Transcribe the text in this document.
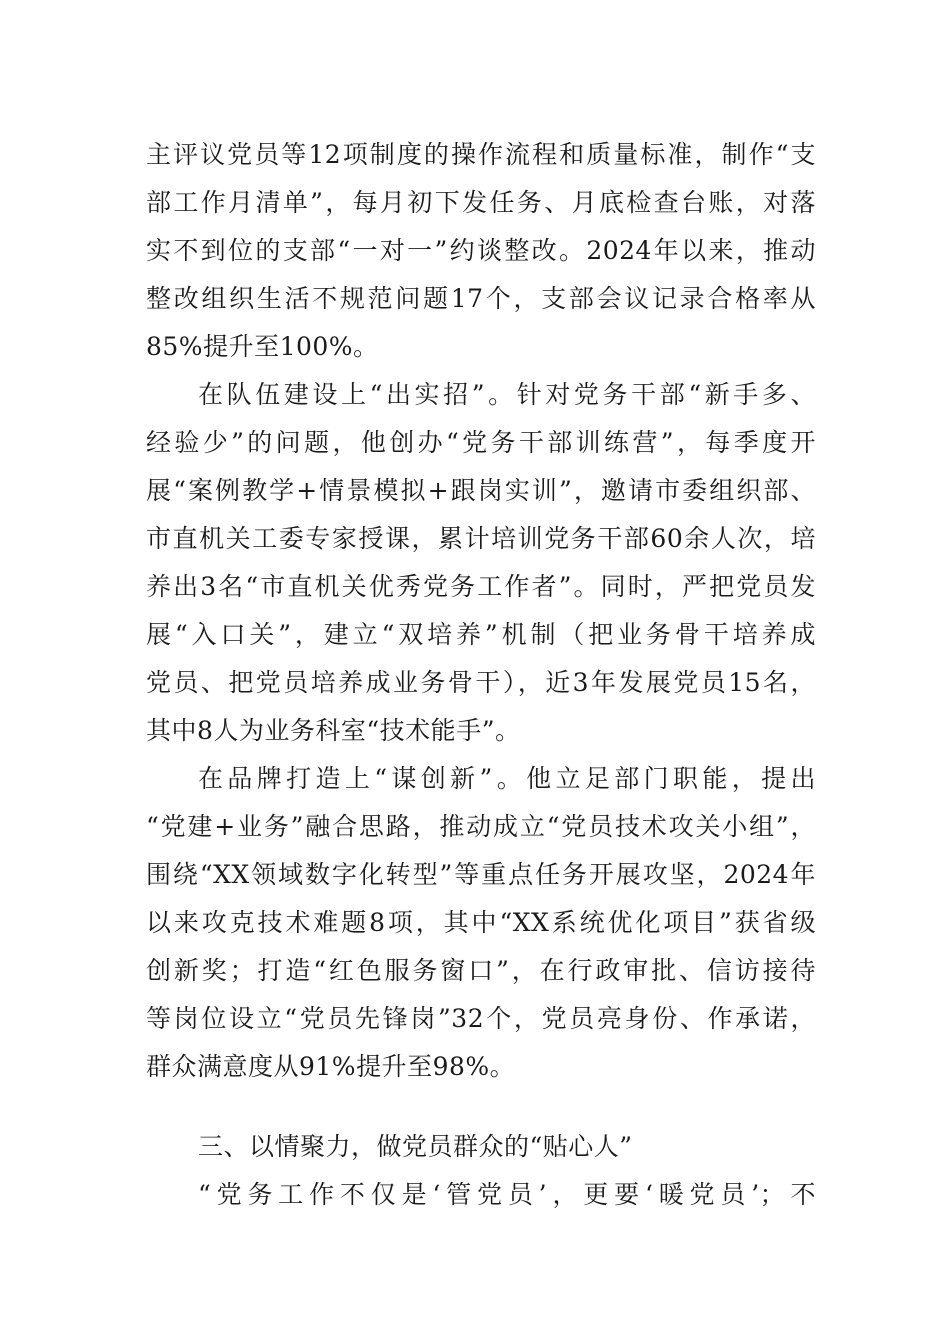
主评议党员等12项制度的操作流程和质量标准，制作“支
部工作月清单”，每月初下发任务、月底检查台账，对落
实不到位的支部“一对一”约谈整改。2024年以来，推动
整改组织生活不规范问题17个，支部会议记录合格率从
85%提升至100%。
在队伍建设上“出实招”。针对党务干部“新手多、
经验少”的问题，他创办“党务干部训练营”，每季度开
展“案例教学+情景模拟+跟岗实训”，邀请市委组织部、
市直机关工委专家授课，累计培训党务干部60余人次，培
养出3名“市直机关优秀党务工作者”。同时，严把党员发
展“入口关”，建立“双培养”机制（把业务骨干培养成
党员、把党员培养成业务骨干），近3年发展党员15名，
其中8人为业务科室“技术能手”。
在品牌打造上“谋创新”。他立足部门职能，提出
“党建+业务”融合思路，推动成立“党员技术攻关小组”，
围绕“XX领域数字化转型”等重点任务开展攻坚，2024年
以来攻克技术难题8项，其中“XX系统优化项目”获省级
创新奖；打造“红色服务窗口”，在行政审批、信访接待
等岗位设立“党员先锋岗”32个，党员亮身份、作承诺，
群众满意度从91%提升至98%。
三、以情聚力，做党员群众的“贴心人”
“党务工作不仅是‘管党员’，更要‘暖党员’；不
